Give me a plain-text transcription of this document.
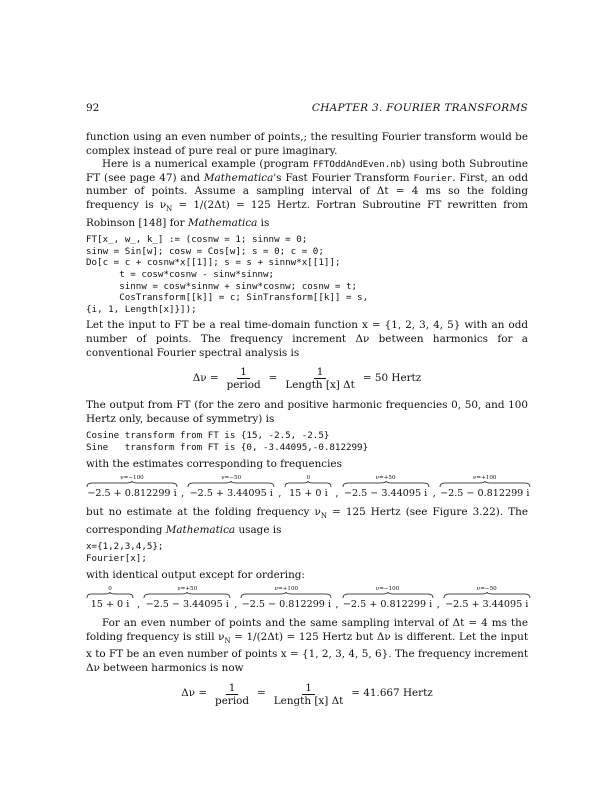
92	CHAPTER 3. FOURIER TRANSFORMS

function using an even number of points,; the resulting Fourier transform would be complex instead of pure real or pure imaginary.

Here is a numerical example (program FFTOddAndEven.nb) using both Subroutine FT (see page 47) and Mathematica's Fast Fourier Transform Fourier. First, an odd number of points. Assume a sampling interval of Δt = 4 ms so the folding frequency is $\nu_N = 1/(2\Delta t) = 125$ Hertz. Fortran Subroutine FT rewritten from Robinson [148] for Mathematica is

FT[x_, w_, k_] := (cosnw = 1; sinnw = 0;
sinw = Sin[w]; cosw = Cos[w]; s = 0; c = 0;
Do[c = c + cosnw*x[[1]]; s = s + sinnw*x[[1]];
t = cosw*cosnw - sinw*sinnw;
sinnw = cosw*sinnw + sinw*cosnw; cosnw = t;
CosTransform[[k]] = c; SinTransform[[k]] = s,
{i, 1, Length[x]}]);

Let the input to FT be a real time-domain function x = {1, 2, 3, 4, 5} with an odd number of points. The frequency increment Δν between harmonics for a conventional Fourier spectral analysis is

$\Delta\nu = \frac{1}{\text{period}} = \frac{1}{\text{Length [x] Δt}} = 50$ Hertz

The output from FT (for the zero and positive harmonic frequencies 0, 50, and 100 Hertz only, because of symmetry) is

Cosine transform from FT is {15, -2.5, -2.5}
Sine   transform from FT is {0, -3.44095,-0.812299}

with the estimates corresponding to frequencies

ν=−100
−2.5 + 0.812299 i ,
ν=−50
−2.5 + 3.44095 i ,
0
15 + 0 i ,
ν=+50
−2.5 − 3.44095 i ,
ν=+100
−2.5 − 0.812299 i

but no estimate at the folding frequency $\nu_N = 125$ Hertz (see Figure 3.22). The corresponding Mathematica usage is

x={1,2,3,4,5};
Fourier[x];

with identical output except for ordering:

0
15 + 0 i ,
ν=+50
−2.5 − 3.44095 i ,
ν=+100
−2.5 − 0.812299 i ,
ν=−100
−2.5 + 0.812299 i ,
ν=−50
−2.5 + 3.44095 i

For an even number of points and the same sampling interval of Δt = 4 ms the folding frequency is still $\nu_N = 1/(2\Delta t) = 125$ Hertz but Δν is different. Let the input x to FT be an even number of points x = {1, 2, 3, 4, 5, 6}. The frequency increment Δν between harmonics is now

$\Delta\nu = \frac{1}{\text{period}} = \frac{1}{\text{Length [x] Δt}} = 41.667$ Hertz
